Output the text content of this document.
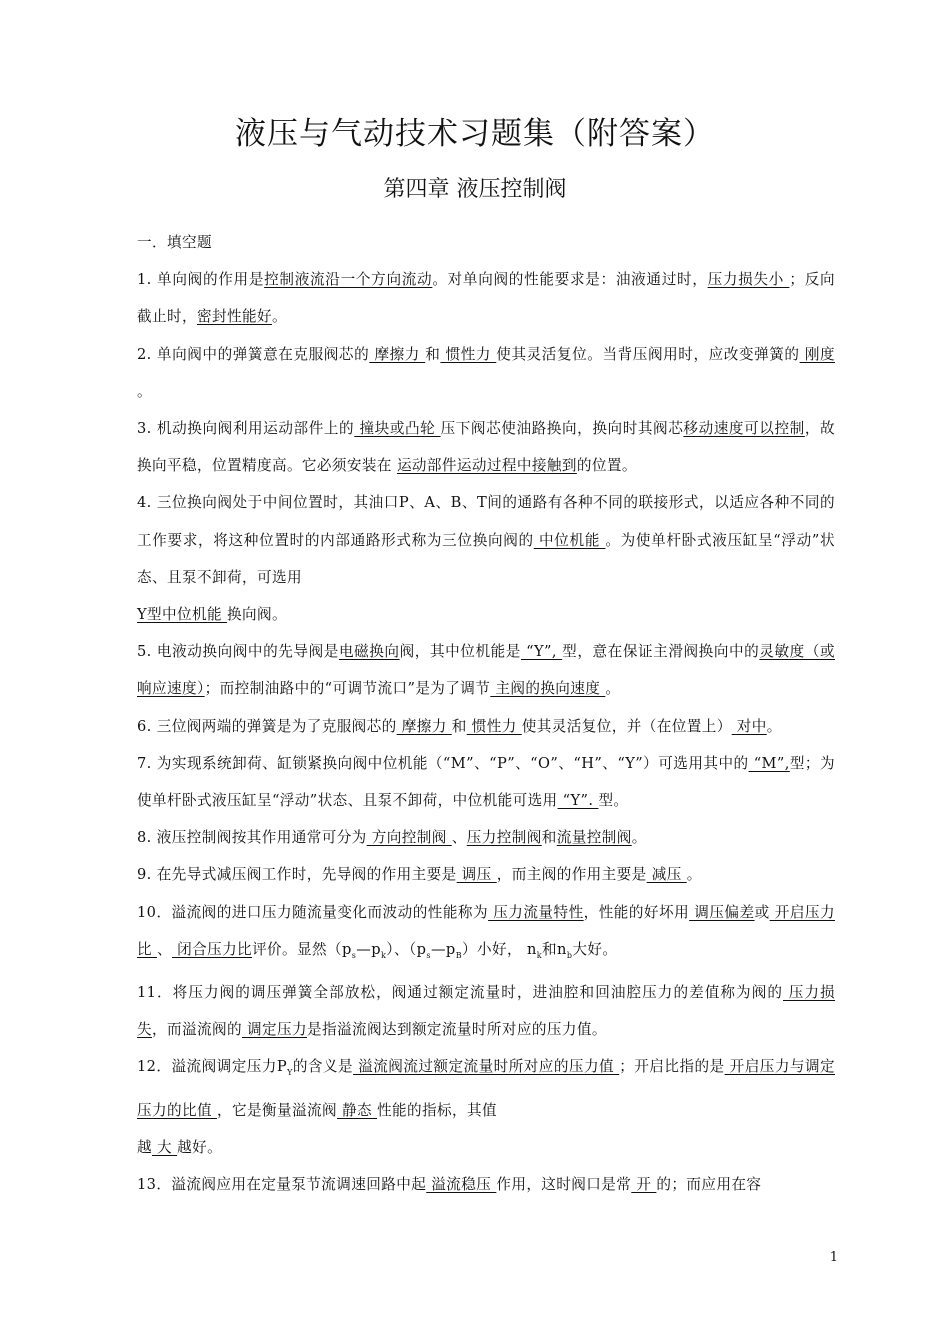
液压与气动技术习题集（附答案）
第四章 液压控制阀

一．填空题

1. 单向阀的作用是控制液流沿一个方向流动。对单向阀的性能要求是：油液通过时，压力损失小 ；反向截止时，密封性能好。

2. 单向阀中的弹簧意在克服阀芯的 摩擦力 和 惯性力 使其灵活复位。当背压阀用时，应改变弹簧的 刚度 。

3. 机动换向阀利用运动部件上的 撞块或凸轮 压下阀芯使油路换向，换向时其阀芯移动速度可以控制，故换向平稳，位置精度高。它必须安装在 运动部件运动过程中接触到的位置。

4. 三位换向阀处于中间位置时，其油口P、A、B、T间的通路有各种不同的联接形式，以适应各种不同的工作要求，将这种位置时的内部通路形式称为三位换向阀的 中位机能 。为使单杆卧式液压缸呈“浮动”状态、且泵不卸荷，可选用
Y型中位机能 换向阀。

5. 电液动换向阀中的先导阀是电磁换向阀，其中位机能是 “Y”, 型，意在保证主滑阀换向中的灵敏度（或响应速度）；而控制油路中的“可调节流口”是为了调节 主阀的换向速度 。

6. 三位阀两端的弹簧是为了克服阀芯的 摩擦力 和 惯性力 使其灵活复位，并（在位置上） 对中。

7. 为实现系统卸荷、缸锁紧换向阀中位机能（“M”、“P”、“O”、“H”、“Y”）可选用其中的 “M”,型；为使单杆卧式液压缸呈“浮动”状态、且泵不卸荷，中位机能可选用 “Y”. 型。

8. 液压控制阀按其作用通常可分为 方向控制阀 、压力控制阀和流量控制阀。

9. 在先导式减压阀工作时，先导阀的作用主要是 调压 ，而主阀的作用主要是 减压 。

10．溢流阀的进口压力随流量变化而波动的性能称为 压力流量特性，性能的好坏用 调压偏差或 开启压力比 、 闭合压力比评价。显然$(p_s—p_k)$、$(p_s—p_B)$小好， $n_k$和$n_b$大好。

11．将压力阀的调压弹簧全部放松，阀通过额定流量时，进油腔和回油腔压力的差值称为阀的 压力损失，而溢流阀的 调定压力是指溢流阀达到额定流量时所对应的压力值。

12．溢流阀调定压力$P_Y$的含义是 溢流阀流过额定流量时所对应的压力值 ；开启比指的是 开启压力与调定压力的比值 ，它是衡量溢流阀 静态 性能的指标，其值
越 大 越好。

13．溢流阀应用在定量泵节流调速回路中起 溢流稳压 作用，这时阀口是常 开 的；而应用在容

1
